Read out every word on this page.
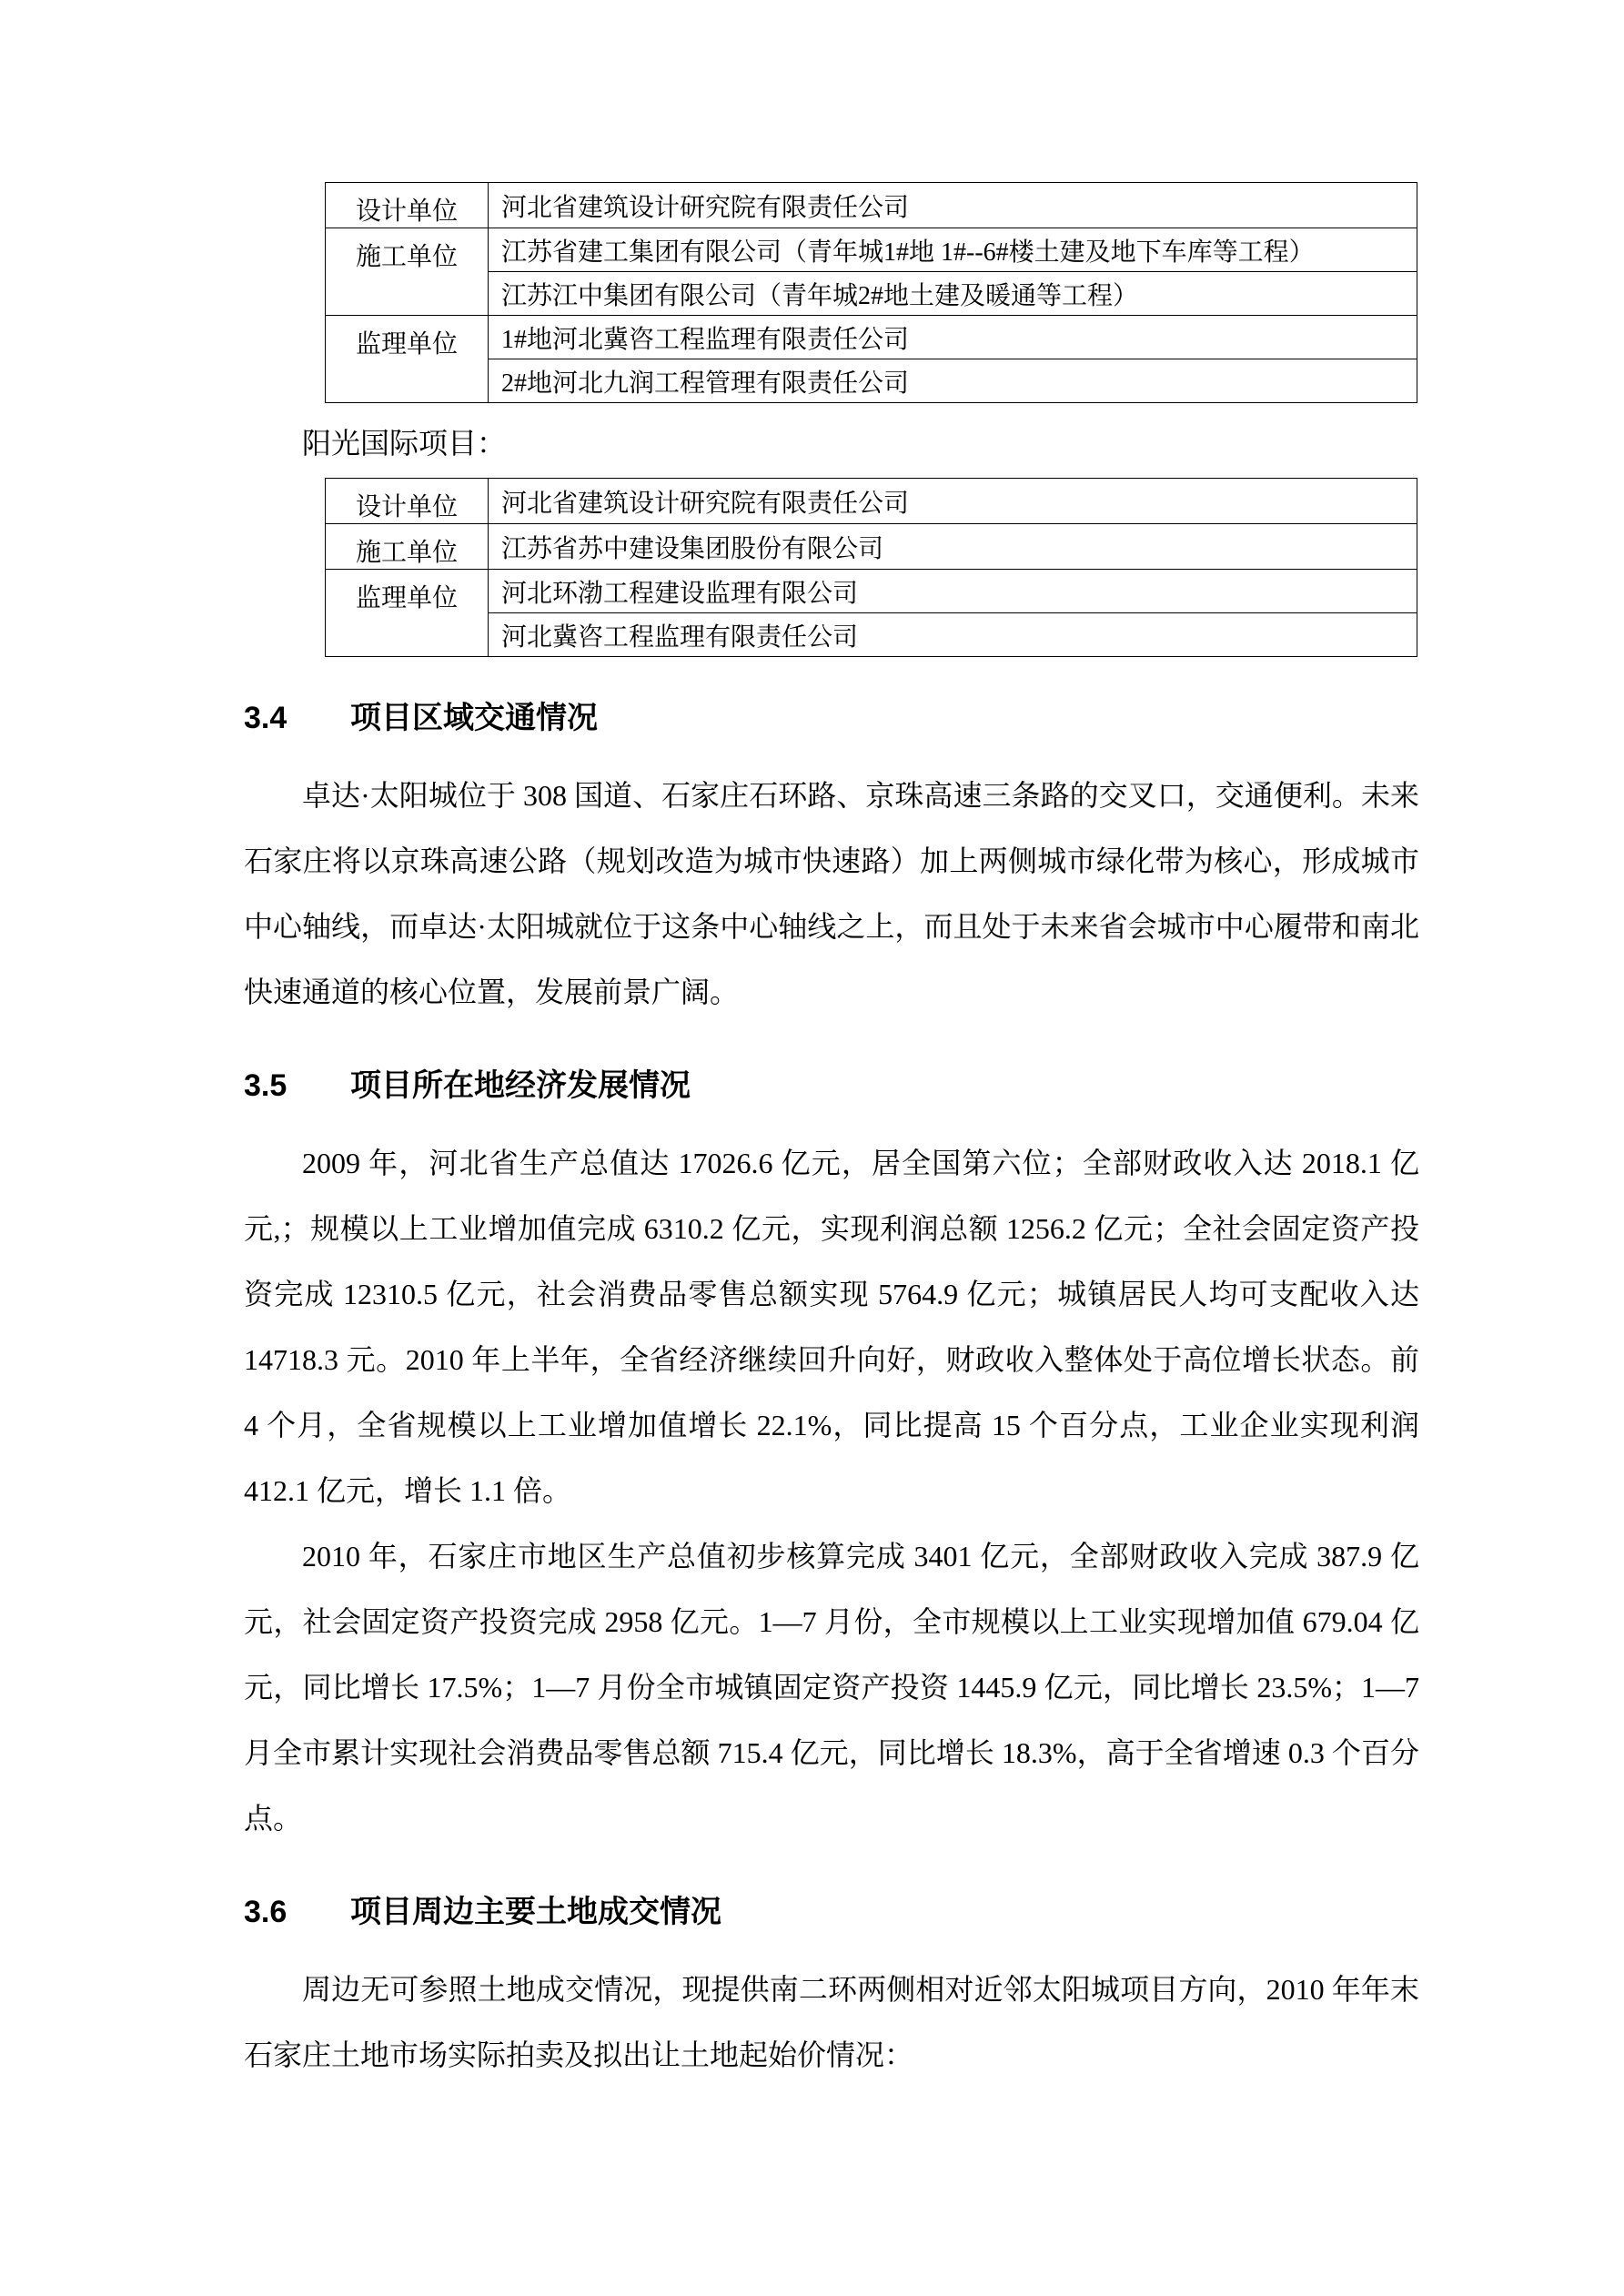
设计单位	河北省建筑设计研究院有限责任公司
施工单位	江苏省建工集团有限公司（青年城1#地 1#--6#楼土建及地下车库等工程）
	江苏江中集团有限公司（青年城2#地土建及暖通等工程）
监理单位	1#地河北冀咨工程监理有限责任公司
	2#地河北九润工程管理有限责任公司

阳光国际项目：

设计单位	河北省建筑设计研究院有限责任公司
施工单位	江苏省苏中建设集团股份有限公司
监理单位	河北环渤工程建设监理有限公司
	河北冀咨工程监理有限责任公司
3.4 项目区域交通情况

卓达·太阳城位于 308 国道、石家庄石环路、京珠高速三条路的交叉口，交通便利。未来石家庄将以京珠高速公路（规划改造为城市快速路）加上两侧城市绿化带为核心，形成城市中心轴线，而卓达·太阳城就位于这条中心轴线之上，而且处于未来省会城市中心履带和南北快速通道的核心位置，发展前景广阔。

3.5 项目所在地经济发展情况

2009 年，河北省生产总值达 17026.6 亿元，居全国第六位；全部财政收入达 2018.1 亿元,；规模以上工业增加值完成 6310.2 亿元，实现利润总额 1256.2 亿元；全社会固定资产投资完成 12310.5 亿元，社会消费品零售总额实现 5764.9 亿元；城镇居民人均可支配收入达 14718.3 元。2010 年上半年，全省经济继续回升向好，财政收入整体处于高位增长状态。前 4 个月，全省规模以上工业增加值增长 22.1%，同比提高 15 个百分点，工业企业实现利润 412.1 亿元，增长 1.1 倍。

2010 年，石家庄市地区生产总值初步核算完成 3401 亿元，全部财政收入完成 387.9 亿元，社会固定资产投资完成 2958 亿元。1—7 月份，全市规模以上工业实现增加值 679.04 亿元，同比增长 17.5%；1—7 月份全市城镇固定资产投资 1445.9 亿元，同比增长 23.5%；1—7 月全市累计实现社会消费品零售总额 715.4 亿元，同比增长 18.3%，高于全省增速 0.3 个百分点。

3.6 项目周边主要土地成交情况

周边无可参照土地成交情况，现提供南二环两侧相对近邻太阳城项目方向，2010 年年末石家庄土地市场实际拍卖及拟出让土地起始价情况：
